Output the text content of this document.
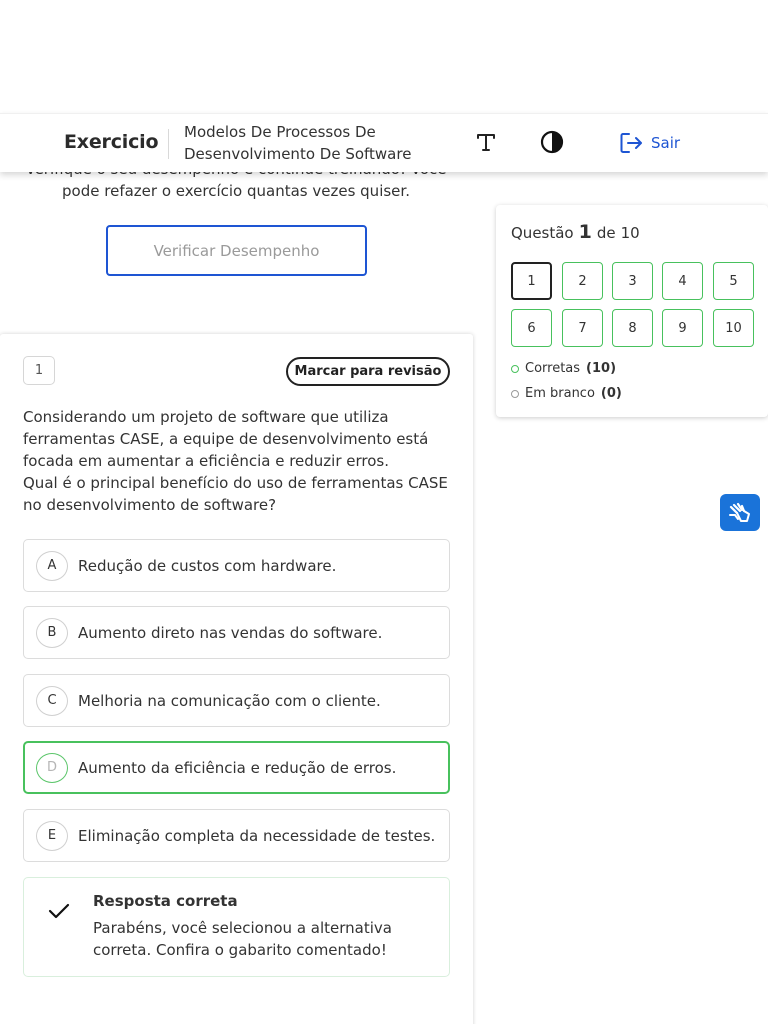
Exercicio Modelos De Processos De Desenvolvimento De Software
Sair
pode refazer o exercício quantas vezes quiser.
Verificar Desempenho
1	Marcar para revisão
Considerando um projeto de software que utiliza ferramentas CASE, a equipe de desenvolvimento está focada em aumentar a eficiência e reduzir erros.
Qual é o principal benefício do uso de ferramentas CASE no desenvolvimento de software?
A	Redução de custos com hardware.
B	Aumento direto nas vendas do software.
C	Melhoria na comunicação com o cliente.
D	Aumento da eficiência e redução de erros.
E	Eliminação completa da necessidade de testes.
Resposta correta
Parabéns, você selecionou a alternativa correta. Confira o gabarito comentado!
Questão 1 de 10
1	2	3	4	5
6	7	8	9	10
Corretas (10)
Em branco (0)
